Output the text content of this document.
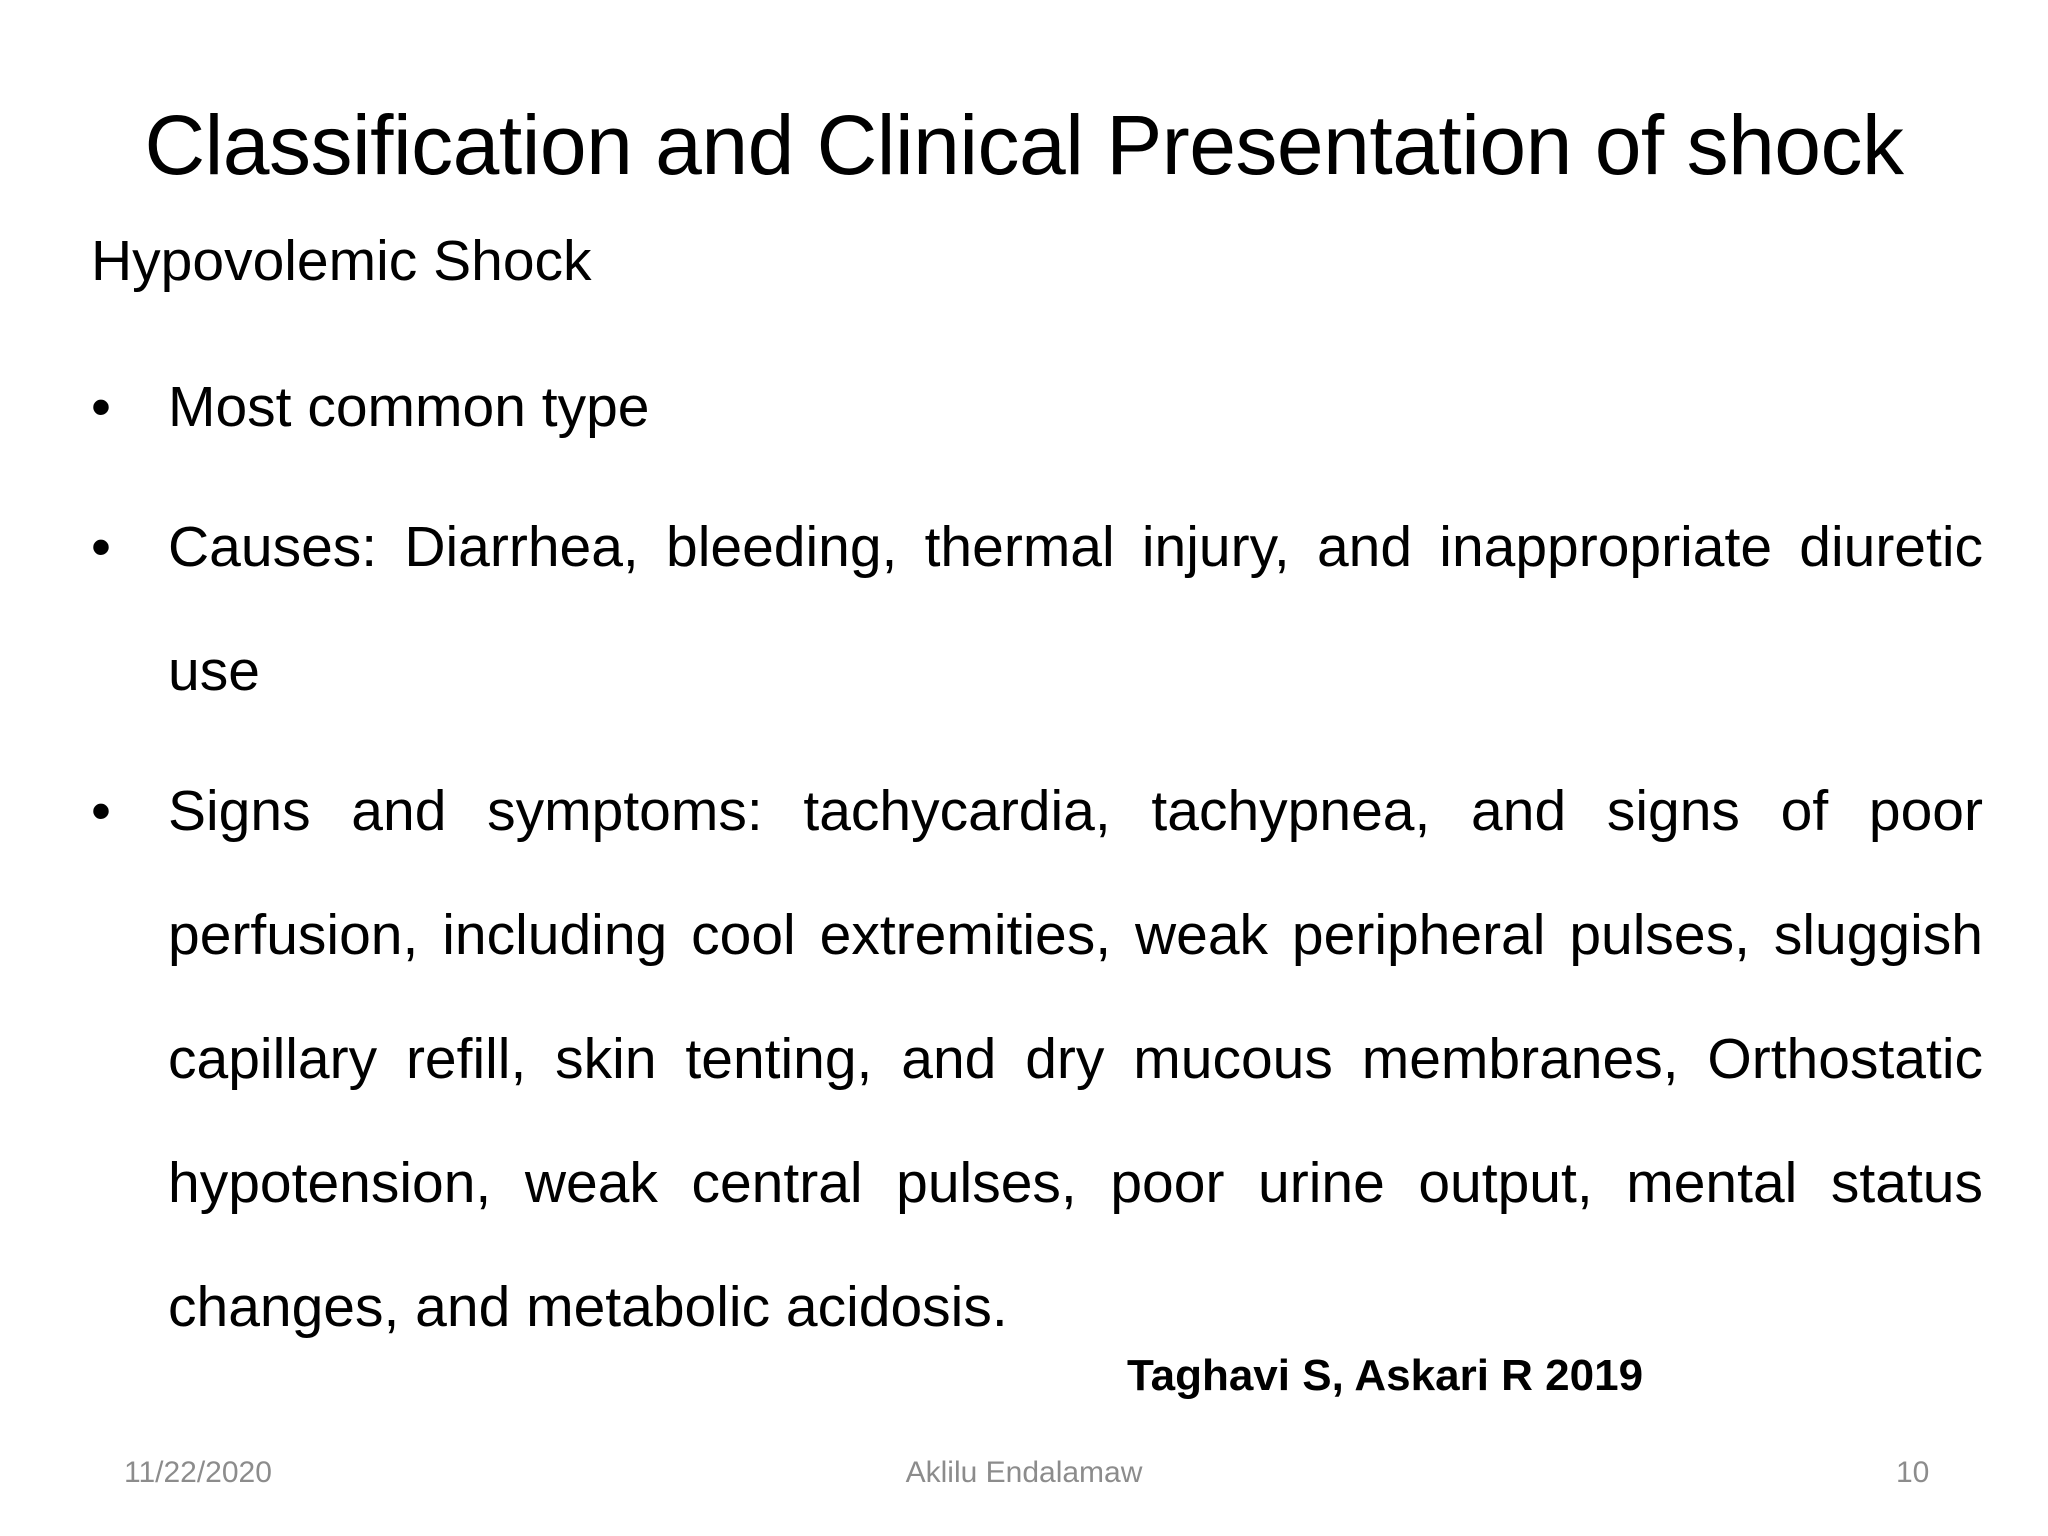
Classification and Clinical Presentation of shock
Hypovolemic Shock
•	Most common type
•	Causes: Diarrhea, bleeding, thermal injury, and inappropriate diuretic use
•	Signs and symptoms: tachycardia, tachypnea, and signs of poor perfusion, including cool extremities, weak peripheral pulses, sluggish capillary refill, skin tenting, and dry mucous membranes, Orthostatic hypotension, weak central pulses, poor urine output, mental status changes, and metabolic acidosis.
Taghavi S, Askari R 2019
11/22/2020	Aklilu Endalamaw	10
